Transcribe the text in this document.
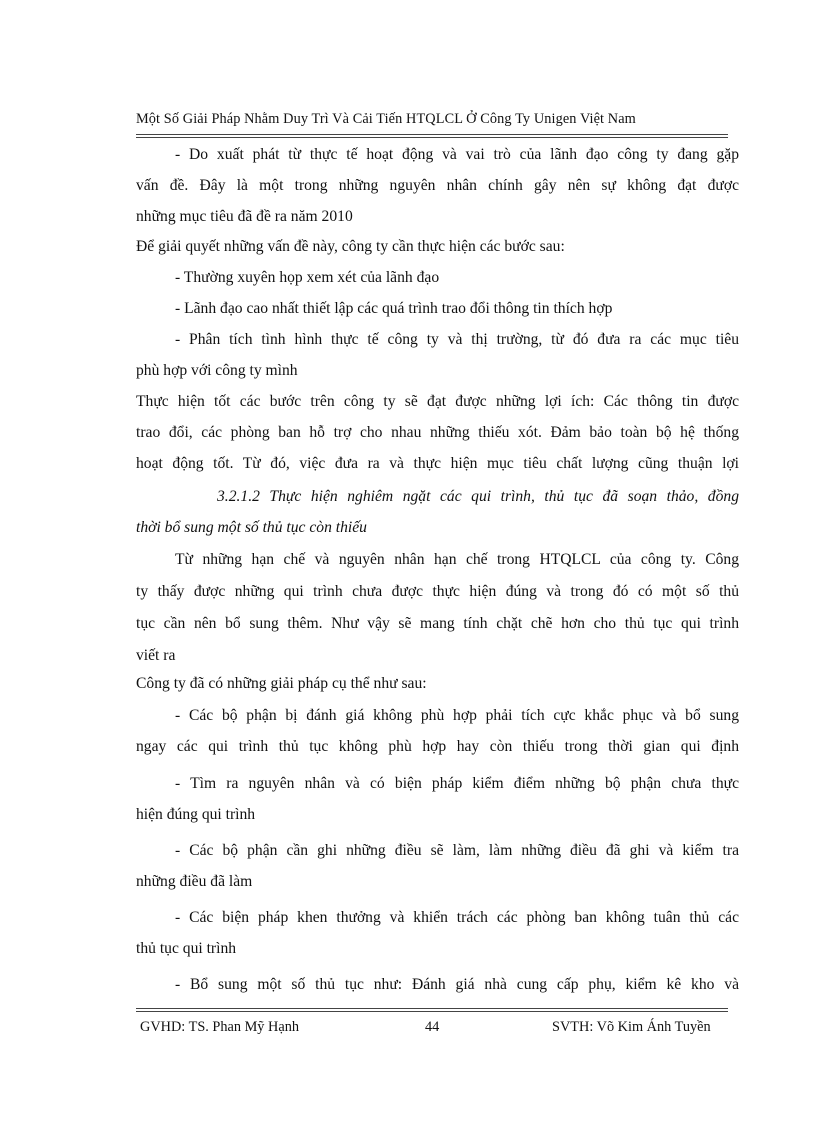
Một Số Giải Pháp Nhằm Duy Trì Và Cải Tiến HTQLCL Ở Công Ty Unigen Việt Nam
- Do xuất phát từ thực tế hoạt động và vai trò của lãnh đạo công ty đang gặp
vấn đề. Đây là một trong những nguyên nhân chính gây nên sự không đạt được
những mục tiêu đã đề ra năm 2010
Để giải quyết những vấn đề này, công ty cần thực hiện các bước sau:
- Thường xuyên họp xem xét của lãnh đạo
- Lãnh đạo cao nhất thiết lập các quá trình trao đổi thông tin thích hợp
- Phân tích tình hình thực tế công ty và thị trường, từ đó đưa ra các mục tiêu
phù hợp với công ty mình
Thực hiện tốt các bước trên công ty sẽ đạt được những lợi ích: Các thông tin được
trao đổi, các phòng ban hỗ trợ cho nhau những thiếu xót. Đảm bảo toàn bộ hệ thống
hoạt động tốt. Từ đó, việc đưa ra và thực hiện mục tiêu chất lượng cũng thuận lợi
3.2.1.2 Thực hiện nghiêm ngặt các qui trình, thủ tục đã soạn thảo, đồng
thời bổ sung một số thủ tục còn thiếu
Từ những hạn chế và nguyên nhân hạn chế trong HTQLCL của công ty. Công
ty thấy được những qui trình chưa được thực hiện đúng và trong đó có một số thủ
tục cần nên bổ sung thêm. Như vậy sẽ mang tính chặt chẽ hơn cho thủ tục qui trình
viết ra
Công ty đã có những giải pháp cụ thể như sau:
- Các bộ phận bị đánh giá không phù hợp phải tích cực khắc phục và bổ sung
ngay các qui trình thủ tục không phù hợp hay còn thiếu trong thời gian qui định
- Tìm ra nguyên nhân và có biện pháp kiểm điểm những bộ phận chưa thực
hiện đúng qui trình
- Các bộ phận cần ghi những điều sẽ làm, làm những điều đã ghi và kiểm tra
những điều đã làm
- Các biện pháp khen thưởng và khiển trách các phòng ban không tuân thủ các
thủ tục qui trình
- Bổ sung một số thủ tục như: Đánh giá nhà cung cấp phụ, kiểm kê kho và
GVHD: TS. Phan Mỹ Hạnh	44	SVTH: Võ Kim Ánh Tuyền
